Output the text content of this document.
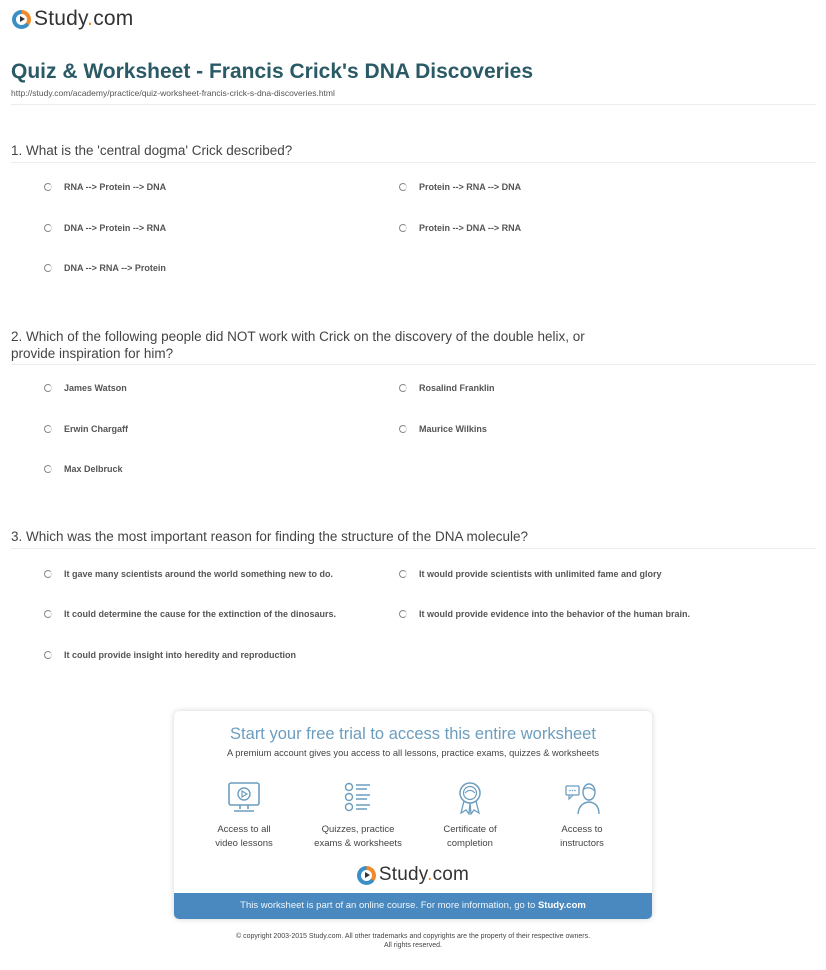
Study.com
Quiz & Worksheet - Francis Crick's DNA Discoveries
http://study.com/academy/practice/quiz-worksheet-francis-crick-s-dna-discoveries.html
1. What is the 'central dogma' Crick described?
RNA --> Protein --> DNA	Protein --> RNA --> DNA
DNA --> Protein --> RNA	Protein --> DNA --> RNA
DNA --> RNA --> Protein
2. Which of the following people did NOT work with Crick on the discovery of the double helix, or
provide inspiration for him?
James Watson	Rosalind Franklin
Erwin Chargaff	Maurice Wilkins
Max Delbruck
3. Which was the most important reason for finding the structure of the DNA molecule?
It gave many scientists around the world something new to do.	It would provide scientists with unlimited fame and glory
It could determine the cause for the extinction of the dinosaurs.	It would provide evidence into the behavior of the human brain.
It could provide insight into heredity and reproduction
Start your free trial to access this entire worksheet
A premium account gives you access to all lessons, practice exams, quizzes & worksheets
Access to all
video lessons
Quizzes, practice
exams & worksheets
Certificate of
completion
Access to
instructors
Study.com
This worksheet is part of an online course. For more information, go to Study.com
© copyright 2003-2015 Study.com. All other trademarks and copyrights are the property of their respective owners.
All rights reserved.
